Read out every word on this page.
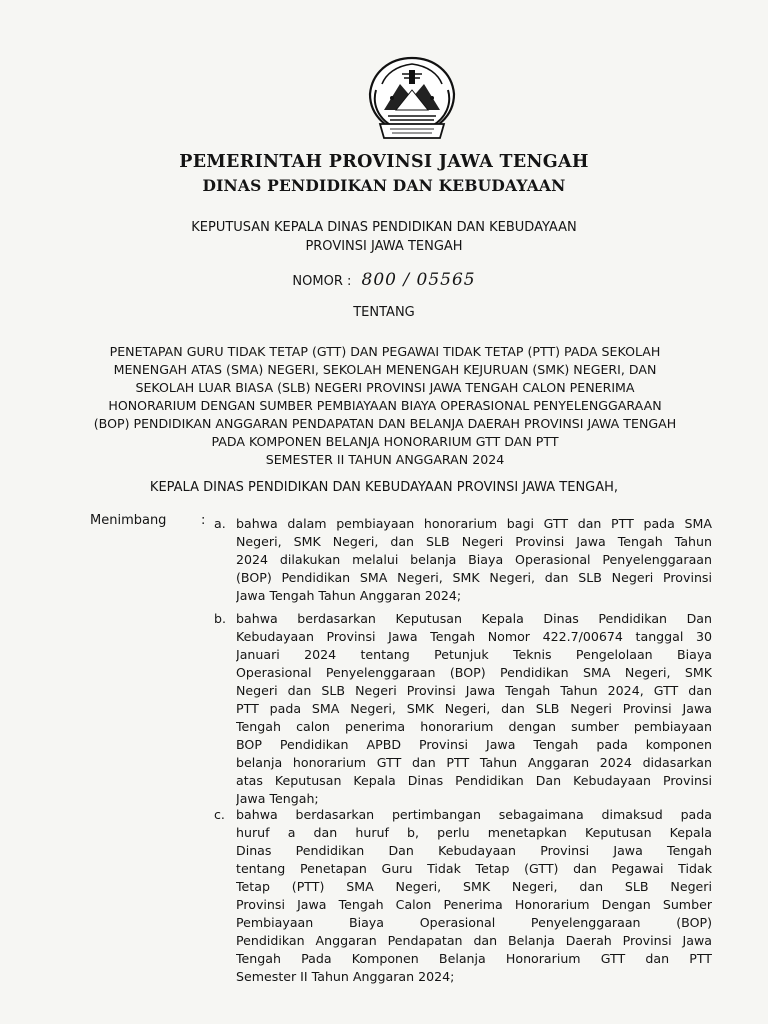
PEMERINTAH PROVINSI JAWA TENGAH
DINAS PENDIDIKAN DAN KEBUDAYAAN
KEPUTUSAN KEPALA DINAS PENDIDIKAN DAN KEBUDAYAAN
PROVINSI JAWA TENGAH
NOMOR : 800 / 05565
TENTANG
PENETAPAN GURU TIDAK TETAP (GTT) DAN PEGAWAI TIDAK TETAP (PTT) PADA SEKOLAH
MENENGAH ATAS (SMA) NEGERI, SEKOLAH MENENGAH KEJURUAN (SMK) NEGERI, DAN
SEKOLAH LUAR BIASA (SLB) NEGERI PROVINSI JAWA TENGAH CALON PENERIMA
HONORARIUM DENGAN SUMBER PEMBIAYAAN BIAYA OPERASIONAL PENYELENGGARAAN
(BOP) PENDIDIKAN ANGGARAN PENDAPATAN DAN BELANJA DAERAH PROVINSI JAWA TENGAH
PADA KOMPONEN BELANJA HONORARIUM GTT DAN PTT
SEMESTER II TAHUN ANGGARAN 2024
KEPALA DINAS PENDIDIKAN DAN KEBUDAYAAN PROVINSI JAWA TENGAH,
Menimbang	: a. bahwa dalam pembiayaan honorarium bagi GTT dan PTT pada SMA
Negeri, SMK Negeri, dan SLB Negeri Provinsi Jawa Tengah Tahun
2024 dilakukan melalui belanja Biaya Operasional Penyelenggaraan
(BOP) Pendidikan SMA Negeri, SMK Negeri, dan SLB Negeri Provinsi
Jawa Tengah Tahun Anggaran 2024;
b. bahwa berdasarkan Keputusan Kepala Dinas Pendidikan Dan
Kebudayaan Provinsi Jawa Tengah Nomor 422.7/00674 tanggal 30
Januari 2024 tentang Petunjuk Teknis Pengelolaan Biaya
Operasional Penyelenggaraan (BOP) Pendidikan SMA Negeri, SMK
Negeri dan SLB Negeri Provinsi Jawa Tengah Tahun 2024, GTT dan
PTT pada SMA Negeri, SMK Negeri, dan SLB Negeri Provinsi Jawa
Tengah calon penerima honorarium dengan sumber pembiayaan
BOP Pendidikan APBD Provinsi Jawa Tengah pada komponen
belanja honorarium GTT dan PTT Tahun Anggaran 2024 didasarkan
atas Keputusan Kepala Dinas Pendidikan Dan Kebudayaan Provinsi
Jawa Tengah;
c. bahwa berdasarkan pertimbangan sebagaimana dimaksud pada
huruf a dan huruf b, perlu menetapkan Keputusan Kepala
Dinas Pendidikan Dan Kebudayaan Provinsi Jawa Tengah
tentang Penetapan Guru Tidak Tetap (GTT) dan Pegawai Tidak
Tetap (PTT) SMA Negeri, SMK Negeri, dan SLB Negeri
Provinsi Jawa Tengah Calon Penerima Honorarium Dengan Sumber
Pembiayaan Biaya Operasional Penyelenggaraan (BOP)
Pendidikan Anggaran Pendapatan dan Belanja Daerah Provinsi Jawa
Tengah Pada Komponen Belanja Honorarium GTT dan PTT
Semester II Tahun Anggaran 2024;
